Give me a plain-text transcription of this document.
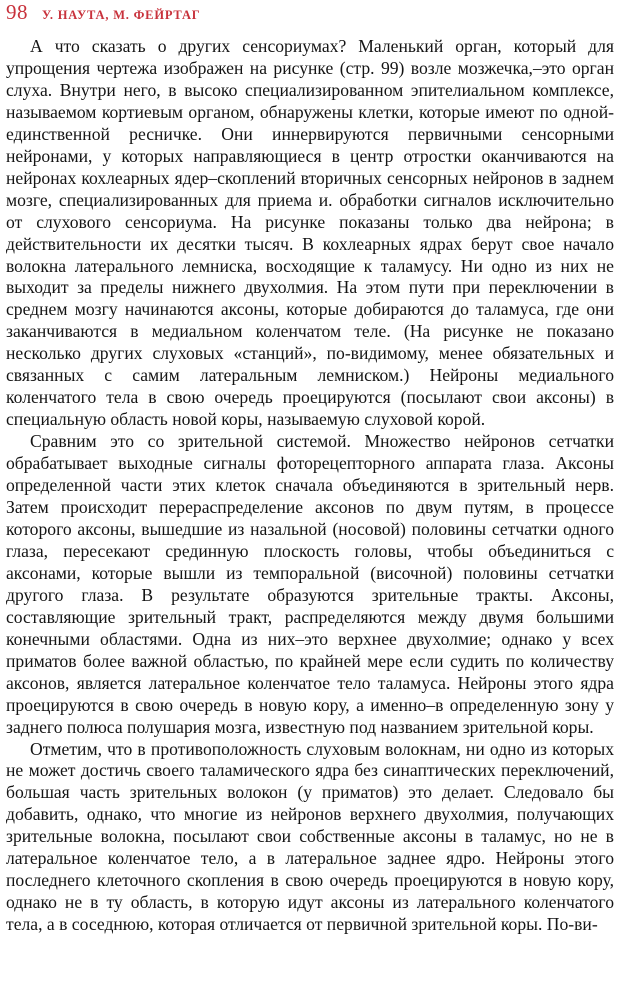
98 У. НАУТА, М. ФЕЙРТАГ

А что сказать о других сенсориумах? Маленький орган, который для упрощения чертежа изображен на рисунке (стр. 99) возле мозжечка,–это орган слуха. Внутри него, в высоко специализированном эпителиальном комплексе, называемом кортиевым органом, обнаружены клетки, которые имеют по одной-единственной ресничке. Они иннервируются первичными сенсорными нейронами, у которых направляющиеся в центр отростки оканчиваются на нейронах кохлеарных ядер–скоплений вторичных сенсорных нейронов в заднем мозге, специализированных для приема и. обработки сигналов исключительно от слухового сенсориума. На рисунке показаны только два нейрона; в действительности их десятки тысяч. В кохлеарных ядрах берут свое начало волокна латерального лемниска, восходящие к таламусу. Ни одно из них не выходит за пределы нижнего двухолмия. На этом пути при переключении в среднем мозгу начинаются аксоны, которые добираются до таламуса, где они заканчиваются в медиальном коленчатом теле. (На рисунке не показано несколько других слуховых «станций», по-видимому, менее обязательных и связанных с самим латеральным лемниском.) Нейроны медиального коленчатого тела в свою очередь проецируются (посылают свои аксоны) в специальную область новой коры, называемую слуховой корой.

Сравним это со зрительной системой. Множество нейронов сетчатки обрабатывает выходные сигналы фоторецепторного аппарата глаза. Аксоны определенной части этих клеток сначала объединяются в зрительный нерв. Затем происходит перераспределение аксонов по двум путям, в процессе которого аксоны, вышедшие из назальной (носовой) половины сетчатки одного глаза, пересекают срединную плоскость головы, чтобы объединиться с аксонами, которые вышли из темпоральной (височной) половины сетчатки другого глаза. В результате образуются зрительные тракты. Аксоны, составляющие зрительный тракт, распределяются между двумя большими конечными областями. Одна из них–это верхнее двухолмие; однако у всех приматов более важной областью, по крайней мере если судить по количеству аксонов, является латеральное коленчатое тело таламуса. Нейроны этого ядра проецируются в свою очередь в новую кору, а именно–в определенную зону у заднего полюса полушария мозга, известную под названием зрительной коры.

Отметим, что в противоположность слуховым волокнам, ни одно из которых не может достичь своего таламического ядра без синаптических переключений, большая часть зрительных волокон (у приматов) это делает. Следовало бы добавить, однако, что многие из нейронов верхнего двухолмия, получающих зрительные волокна, посылают свои собственные аксоны в таламус, но не в латеральное коленчатое тело, а в латеральное заднее ядро. Нейроны этого последнего клеточного скопления в свою очередь проецируются в новую кору, однако не в ту область, в которую идут аксоны из латерального коленчатого тела, а в соседнюю, которая отличается от первичной зрительной коры. По-ви-
